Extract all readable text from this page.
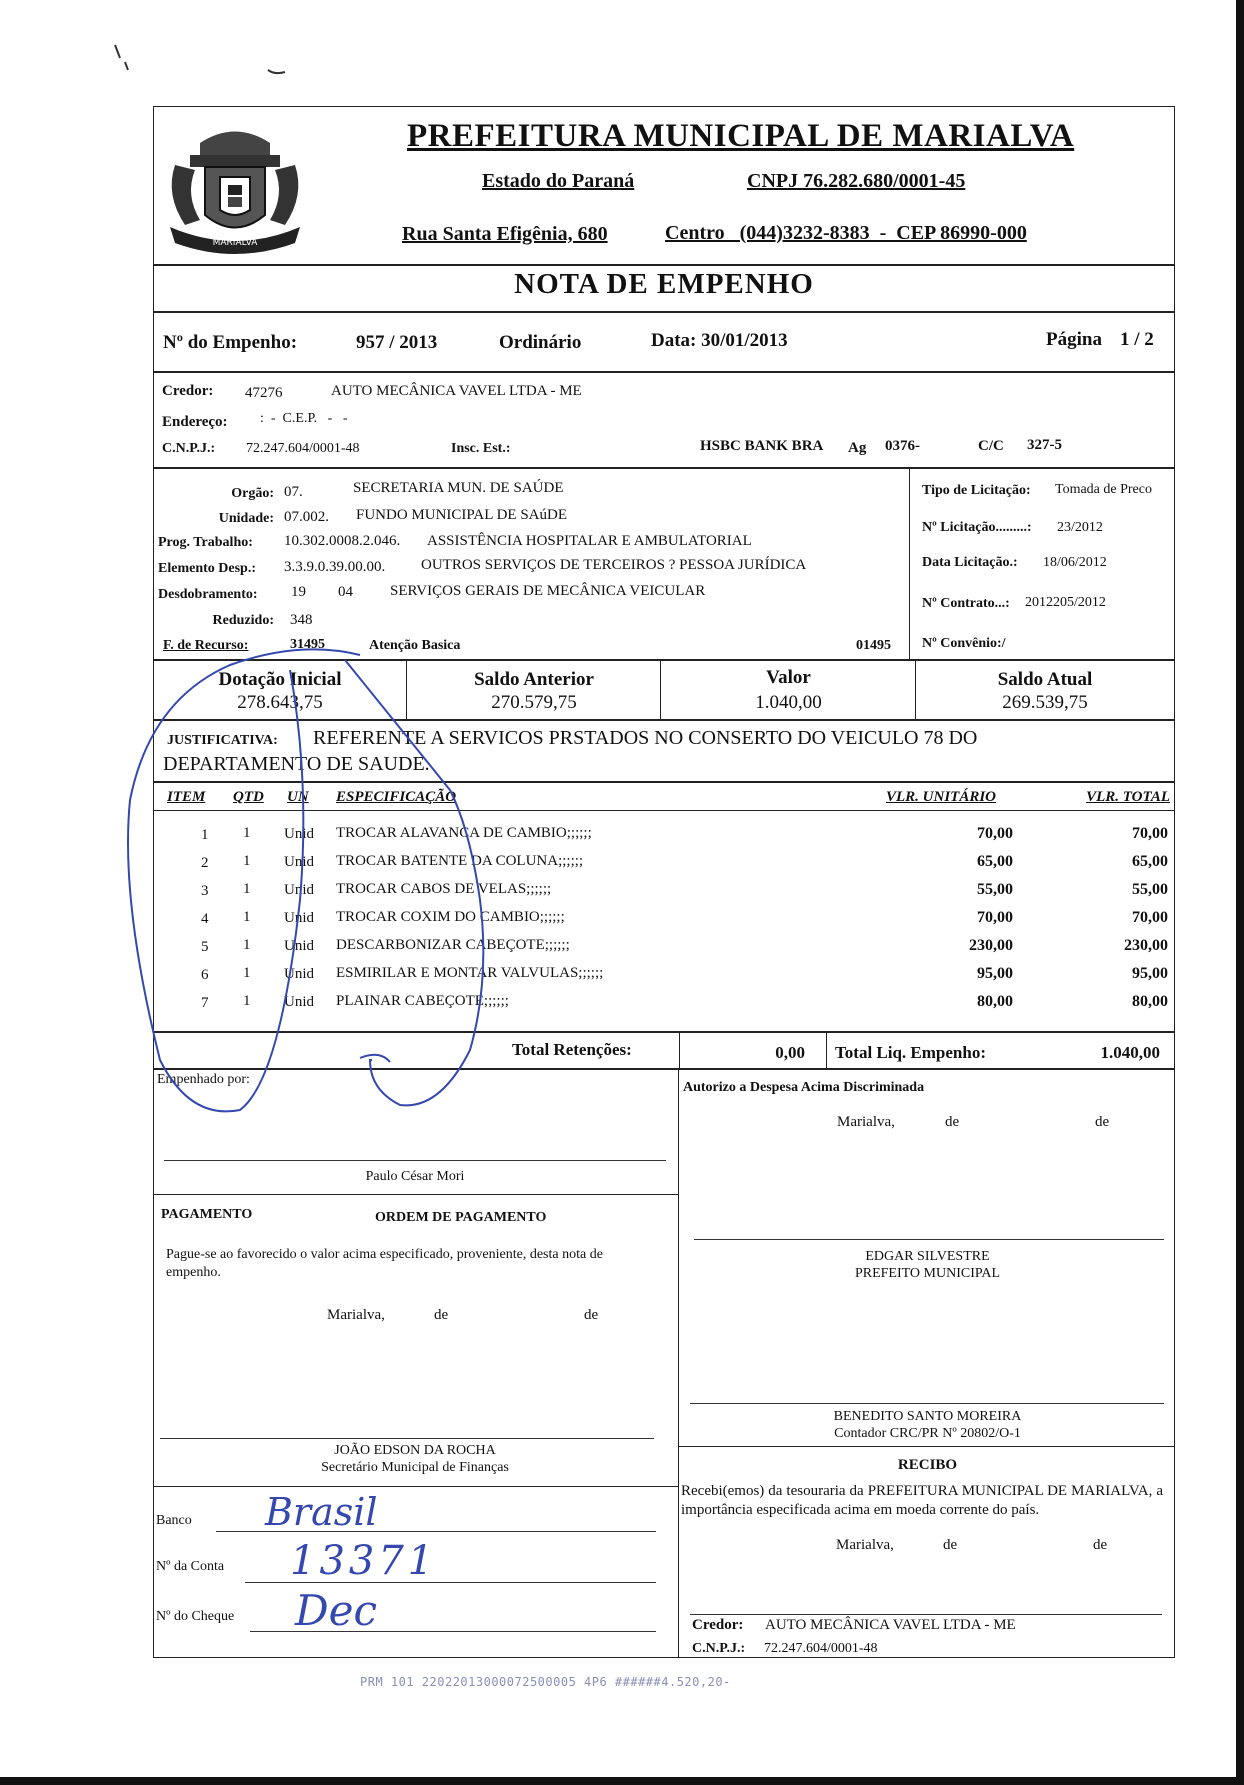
MARIALVA
PREFEITURA MUNICIPAL DE MARIALVA
Estado do Paraná	CNPJ 76.282.680/0001-45
Rua Santa Efigênia, 680	Centro   (044)3232-8383  -  CEP 86990-000
NOTA DE EMPENHO
Nº do Empenho:	957 / 2013	Ordinário	Data: 30/01/2013	Página 1 / 2
Credor: 47276	AUTO MECÂNICA VAVEL LTDA - ME
Endereço: :  -  C.E.P.   -   -
C.N.P.J.: 72.247.604/0001-48	Insc. Est.:	HSBC BANK BRA Ag 0376-	C/C 327-5
Orgão: 07.	SECRETARIA MUN. DE SAÚDE
Unidade: 07.002. FUNDO MUNICIPAL DE SAúDE
Prog. Trabalho: 10.302.0008.2.046. ASSISTÊNCIA HOSPITALAR E AMBULATORIAL
Elemento Desp.: 3.3.9.0.39.00.00. OUTROS SERVIÇOS DE TERCEIROS ? PESSOA JURÍDICA
Desdobramento: 19 04 SERVIÇOS GERAIS DE MECÂNICA VEICULAR
Reduzido: 348
F. de Recurso:	31495	Atenção Basica	01495
Tipo de Licitação: Tomada de Preco
Nº Licitação.........: 23/2012
Data Licitação.: 18/06/2012
Nº Contrato...: 2012205/2012
Nº Convênio:/
Dotação Inicial
278.643,75
Saldo Anterior
270.579,75
Valor
1.040,00
Saldo Atual
269.539,75
JUSTIFICATIVA: REFERENTE A SERVICOS PRSTADOS NO CONSERTO DO VEICULO 78 DO
DEPARTAMENTO DE SAUDE.
ITEM QTD UN ESPECIFICAÇÃO	VLR. UNITÁRIO	VLR. TOTAL
1 1 Unid TROCAR ALAVANCA DE CAMBIO;;;;;;	70,00	70,00
2 1 Unid TROCAR BATENTE DA COLUNA;;;;;;	65,00	65,00
3 1 Unid TROCAR CABOS DE VELAS;;;;;;	55,00	55,00
4 1 Unid TROCAR COXIM DO CAMBIO;;;;;;	70,00	70,00
5 1 Unid DESCARBONIZAR CABEÇOTE;;;;;;	230,00	230,00
6 1 Unid ESMIRILAR E MONTAR VALVULAS;;;;;;	95,00	95,00
7 1 Unid PLAINAR CABEÇOTE;;;;;;	80,00	80,00
Total Retenções:	0,00 Total Liq. Empenho:	1.040,00
Empenhado por:
Paulo César Mori
Autorizo a Despesa Acima Discriminada
Marialva,	de	de
EDGAR SILVESTRE
PREFEITO MUNICIPAL
BENEDITO SANTO MOREIRA
Contador CRC/PR Nº 20802/O-1
PAGAMENTO	ORDEM DE PAGAMENTO
Pague-se ao favorecido o valor acima especificado, proveniente, desta nota de empenho.
Marialva,	de	de
JOÃO EDSON DA ROCHA
Secretário Municipal de Finanças
Banco Brasil
Nº da Conta 13371
Nº do Cheque Dec
RECIBO
Recebi(emos) da tesouraria da PREFEITURA MUNICIPAL DE MARIALVA, a importância especificada acima em moeda corrente do país.
Marialva,	de	de
Credor: AUTO MECÂNICA VAVEL LTDA - ME
C.N.P.J.: 72.247.604/0001-48
PRM 101 22022013000072500005 4P6 ######4.520,20-
